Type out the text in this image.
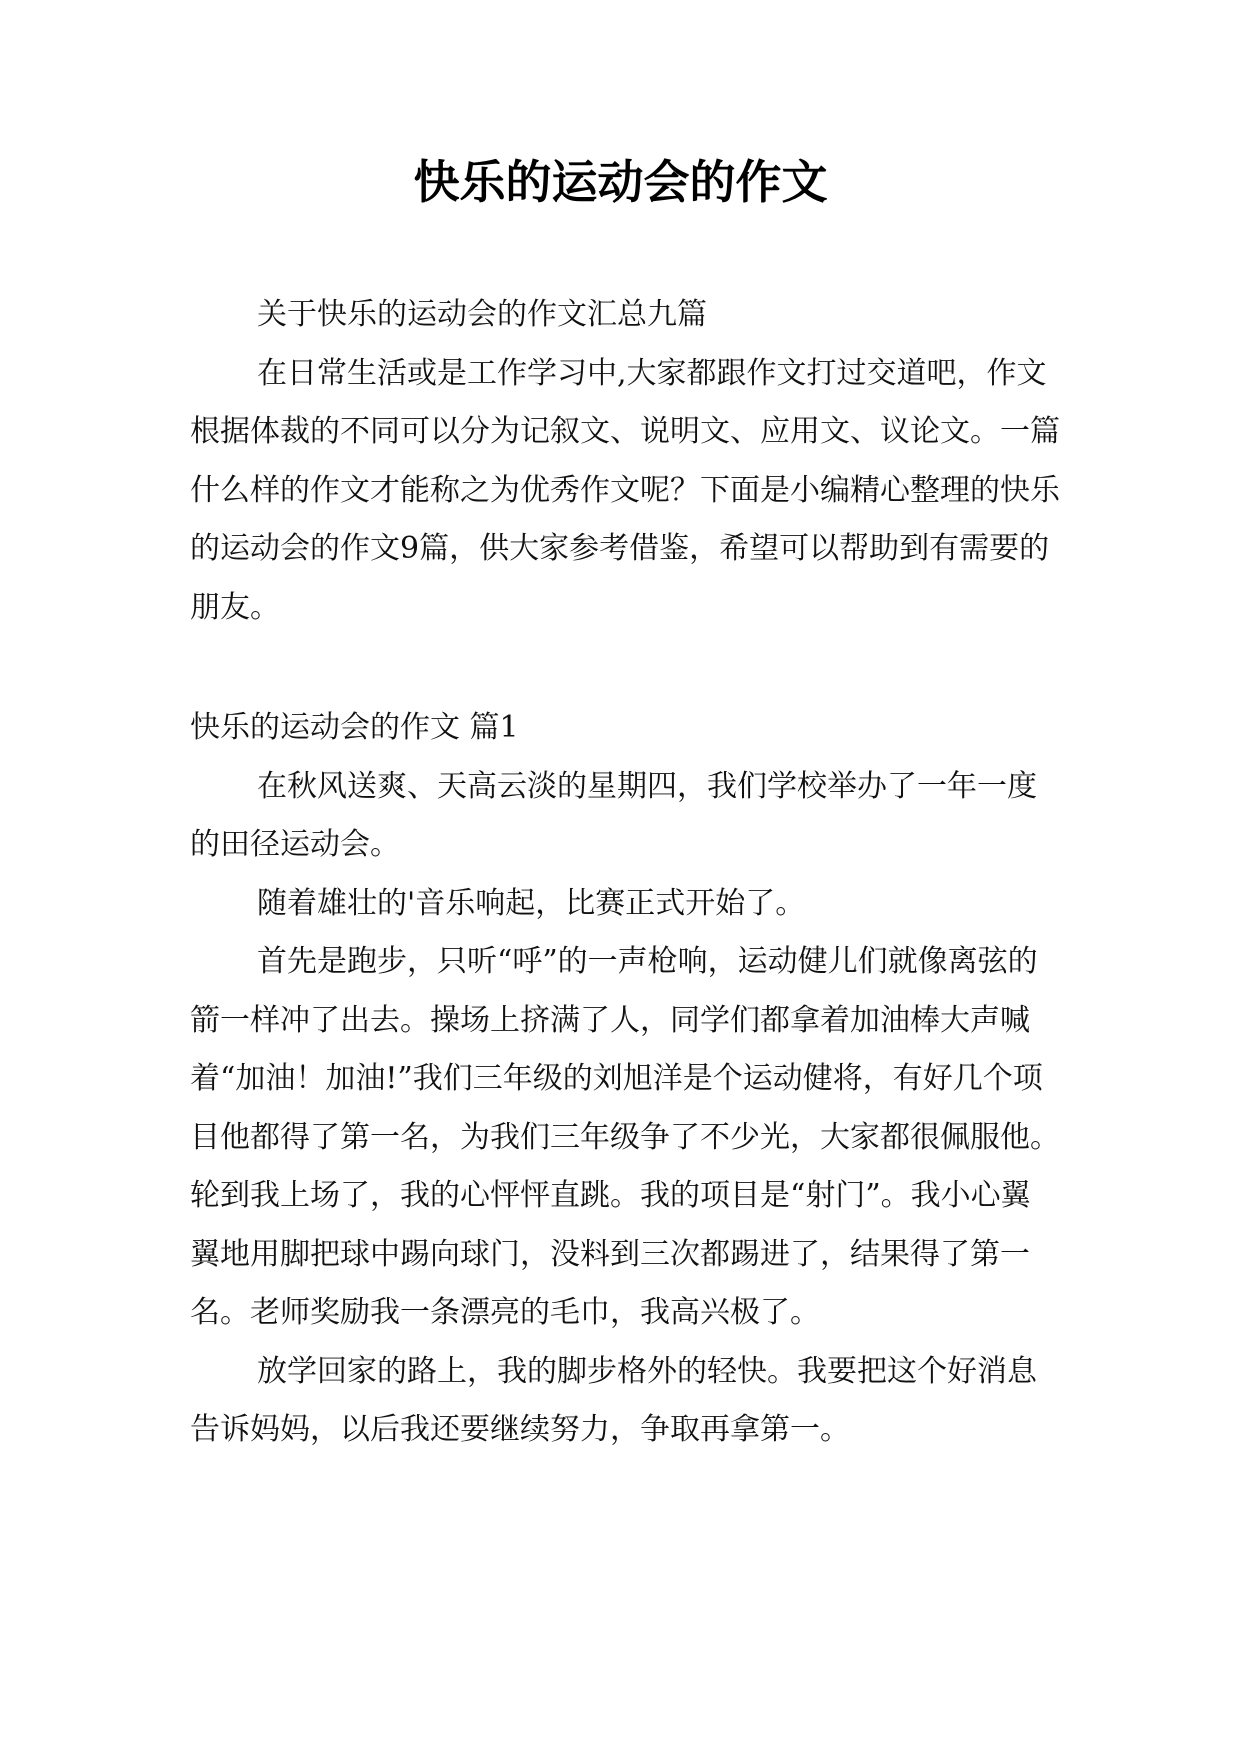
快乐的运动会的作文

关于快乐的运动会的作文汇总九篇

在日常生活或是工作学习中,大家都跟作文打过交道吧，作文根据体裁的不同可以分为记叙文、说明文、应用文、议论文。一篇什么样的作文才能称之为优秀作文呢？下面是小编精心整理的快乐的运动会的作文9篇，供大家参考借鉴，希望可以帮助到有需要的朋友。

快乐的运动会的作文 篇1

在秋风送爽、天高云淡的星期四，我们学校举办了一年一度的田径运动会。

随着雄壮的'音乐响起，比赛正式开始了。

首先是跑步，只听“呼”的一声枪响，运动健儿们就像离弦的箭一样冲了出去。操场上挤满了人，同学们都拿着加油棒大声喊着“加油！加油!”我们三年级的刘旭洋是个运动健将，有好几个项目他都得了第一名，为我们三年级争了不少光，大家都很佩服他。轮到我上场了，我的心怦怦直跳。我的项目是“射门”。我小心翼翼地用脚把球中踢向球门，没料到三次都踢进了，结果得了第一名。老师奖励我一条漂亮的毛巾，我高兴极了。

放学回家的路上，我的脚步格外的轻快。我要把这个好消息告诉妈妈，以后我还要继续努力，争取再拿第一。
